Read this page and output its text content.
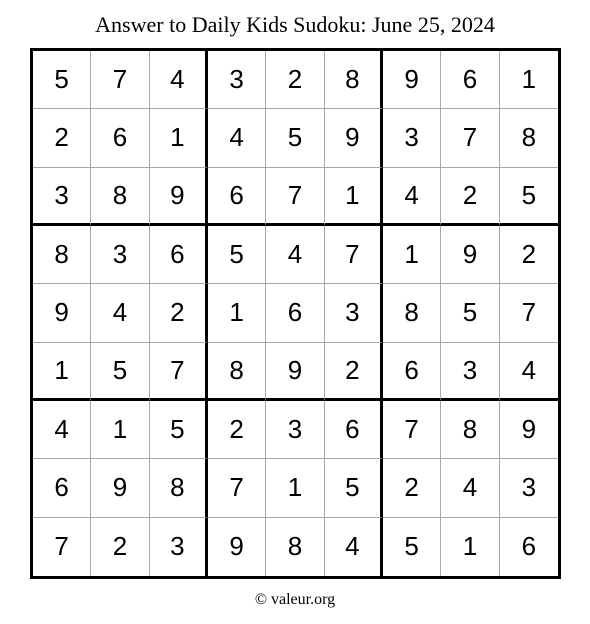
Answer to Daily Kids Sudoku: June 25, 2024
5	7	4	3	2	8	9	6	1
2	6	1	4	5	9	3	7	8
3	8	9	6	7	1	4	2	5
8	3	6	5	4	7	1	9	2
9	4	2	1	6	3	8	5	7
1	5	7	8	9	2	6	3	4
4	1	5	2	3	6	7	8	9
6	9	8	7	1	5	2	4	3
7	2	3	9	8	4	5	1	6
© valeur.org
